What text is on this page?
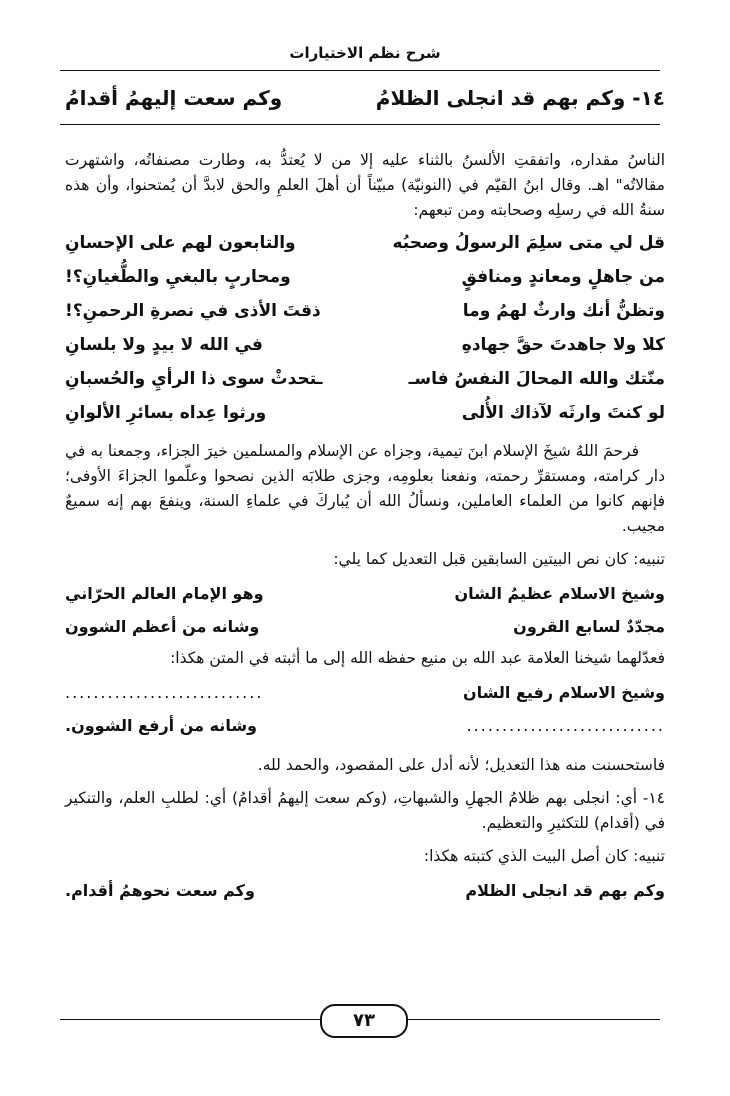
شرح نظم الاختيارات
١٤- وكم بهم قد انجلى الظلامُ
وكم سعت إليهمُ أقدامُ

الناسُ مقداره، واتفقتِ الألسنُ بالثناء عليه إلا من لا يُعتدُّ به، وطارت مصنفاتُه، واشتهرت مقالاتُه" اهـ. وقال ابنُ القيّم في (النونيّة) مبيّناً أن أهلَ العلمِ والحق لابدَّ أن يُمتحنوا، وأن هذه سنةُ الله في رسلِه وصحابته ومن تبعهم:

قل لي متى سلِمَ الرسولُ وصحبُه
والتابعون لهم على الإحسانِ
من جاهلٍ ومعاندٍ ومنافقٍ
ومحاربٍ بالبغيِ والطُّغيانِ؟!
وتظنُّ أنك وارثٌ لهمُ وما
ذقتَ الأذى في نصرةِ الرحمنِ؟!
كلا ولا جاهدتَ حقَّ جهادهِ
في الله لا بيدٍ ولا بلسانِ
منّتك والله المحالَ النفسُ فاسـ
ـتحدثْ سوى ذا الرأيِ والحُسبانِ
لو كنتَ وارثَه لآذاك الأُلى
ورثوا عِداه بسائرِ الألوانِ

فرحمَ اللهُ شيخَ الإسلام ابنَ تيمية، وجزاه عن الإسلام والمسلمين خيرَ الجزاء، وجمعنا به في دار كرامته، ومستقرِّ رحمته، ونفعنا بعلومِه، وجزى طلابَه الذين نصحوا وعلّموا الجزاءَ الأوفى؛ فإنهم كانوا من العلماء العاملين، ونسألُ الله أن يُباركَ في علماءِ السنة، وينفعَ بهم إنه سميعٌ مجيب.

تنبيه: كان نص البيتين السابقين قبل التعديل كما يلي:

وشيخ الاسلام عظيمُ الشان
وهو الإمام العالم الحرّاني
مجدّدٌ لسابع القرون
وشانه من أعظم الشوون

فعدّلهما شيخنا العلامة عبد الله بن منيع حفظه الله إلى ما أثبته في المتن هكذا:

وشيخ الاسلام رفيع الشان
............................
............................
وشانه من أرفع الشوون.

فاستحسنت منه هذا التعديل؛ لأنه أدل على المقصود، والحمد لله.

١٤- أي: انجلى بهم ظلامُ الجهلِ والشبهاتِ، (وكم سعت إليهمُ أقدامُ) أي: لطلبِ العلم، والتنكير في (أقدام) للتكثيرِ والتعظيم.

تنبيه: كان أصل البيت الذي كتبته هكذا:

وكم بهم قد انجلى الظلام
وكم سعت نحوهمُ أقدام.
٧٣
